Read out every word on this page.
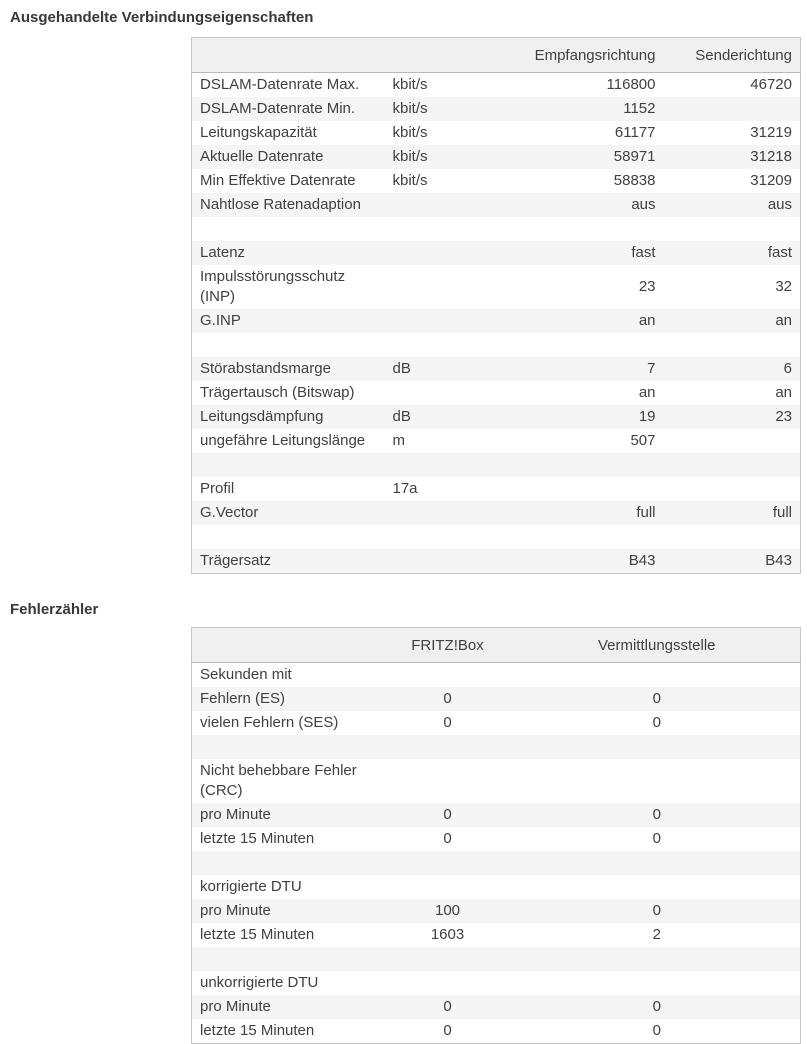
Ausgehandelte Verbindungseigenschaften
		Empfangsrichtung	Senderichtung
DSLAM-Datenrate Max.	kbit/s	116800	46720
DSLAM-Datenrate Min.	kbit/s	1152	
Leitungskapazität	kbit/s	61177	31219
Aktuelle Datenrate	kbit/s	58971	31218
Min Effektive Datenrate	kbit/s	58838	31209
Nahtlose Ratenadaption		aus	aus

Latenz		fast	fast
Impulsstörungsschutz (INP)		23	32
G.INP		an	an

Störabstandsmarge	dB	7	6
Trägertausch (Bitswap)		an	an
Leitungsdämpfung	dB	19	23
ungefähre Leitungslänge	m	507	

Profil	17a		
G.Vector		full	full

Trägersatz		B43	B43
Fehlerzähler
	FRITZ!Box	Vermittlungsstelle
Sekunden mit		
Fehlern (ES)	0	0
vielen Fehlern (SES)	0	0

Nicht behebbare Fehler (CRC)		
pro Minute	0	0
letzte 15 Minuten	0	0

korrigierte DTU		
pro Minute	100	0
letzte 15 Minuten	1603	2

unkorrigierte DTU		
pro Minute	0	0
letzte 15 Minuten	0	0
